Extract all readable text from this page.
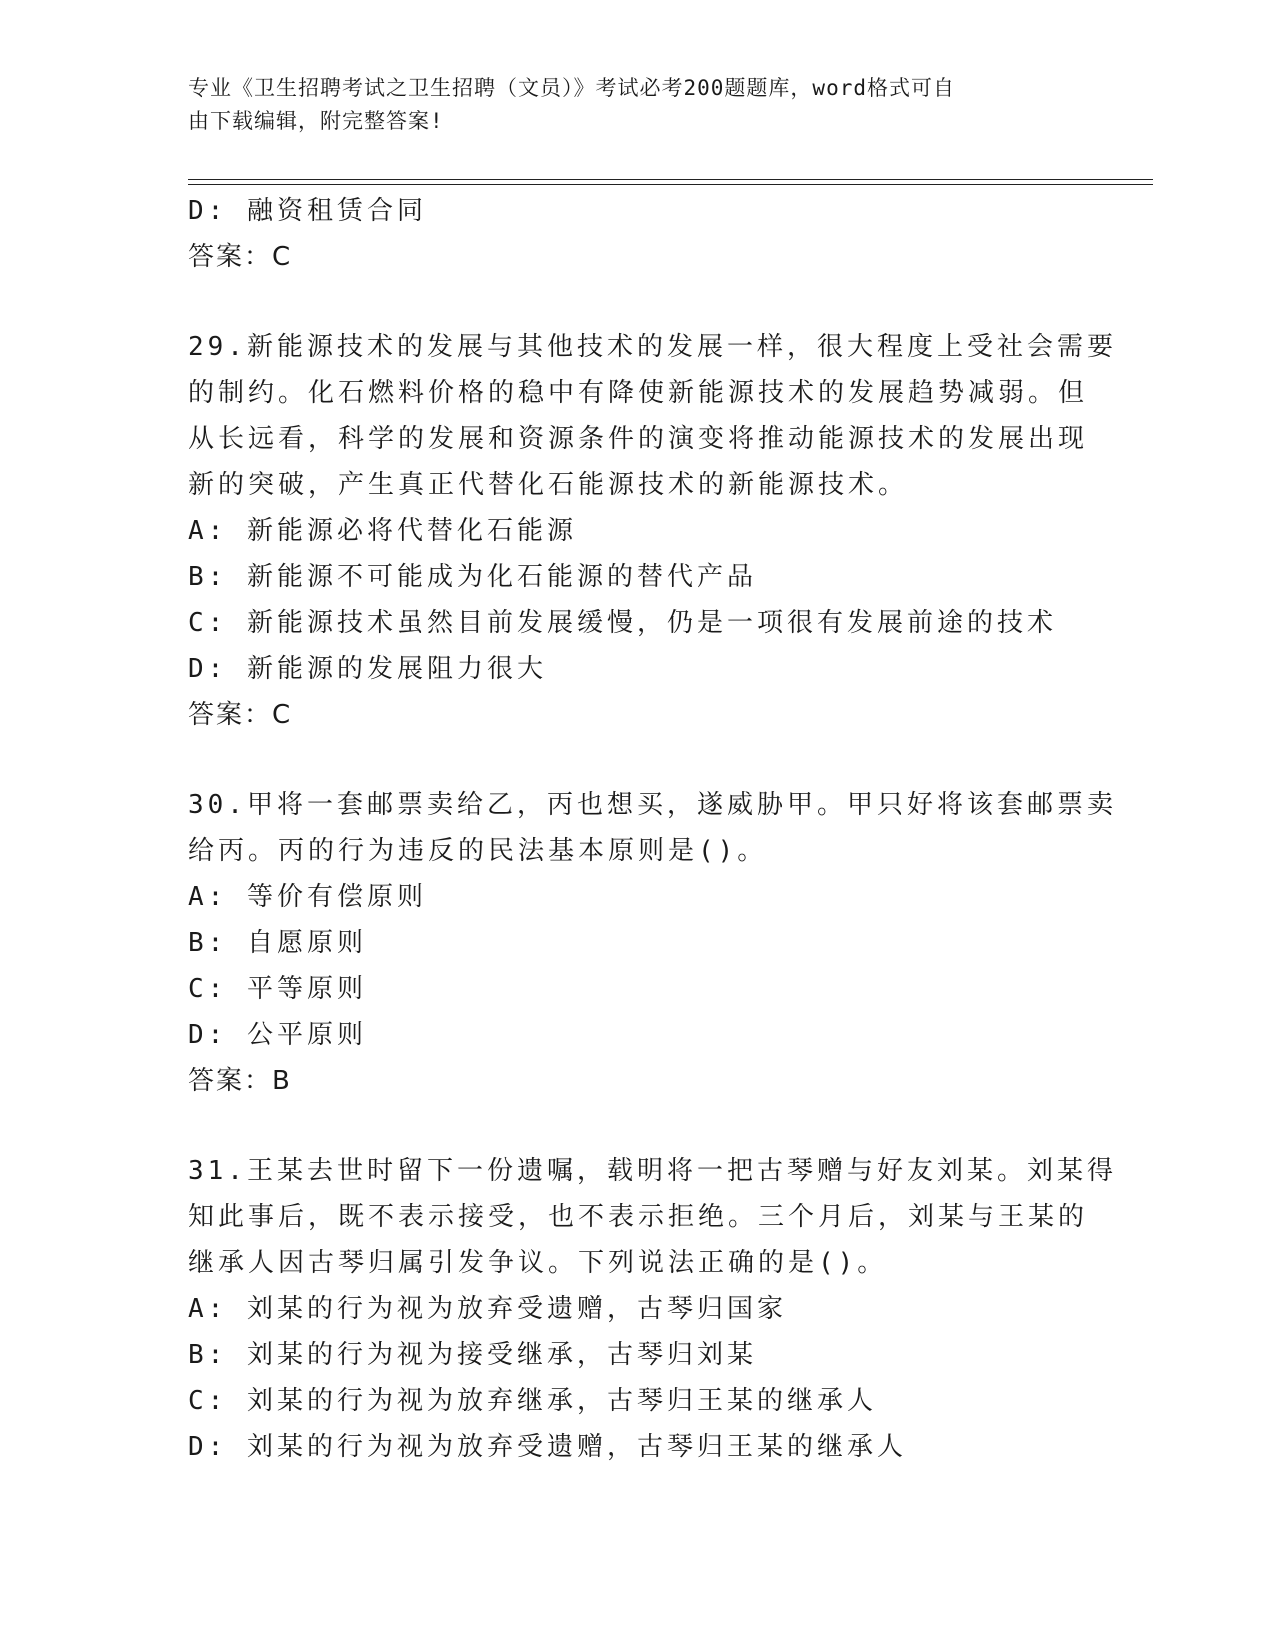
专业《卫生招聘考试之卫生招聘（文员）》考试必考200题题库，word格式可自
由下载编辑，附完整答案!
D: 融资租赁合同
答案：C
29.新能源技术的发展与其他技术的发展一样，很大程度上受社会需要
的制约。化石燃料价格的稳中有降使新能源技术的发展趋势减弱。但
从长远看，科学的发展和资源条件的演变将推动能源技术的发展出现
新的突破，产生真正代替化石能源技术的新能源技术。
A: 新能源必将代替化石能源
B: 新能源不可能成为化石能源的替代产品
C: 新能源技术虽然目前发展缓慢，仍是一项很有发展前途的技术
D: 新能源的发展阻力很大
答案：C
30.甲将一套邮票卖给乙，丙也想买，遂威胁甲。甲只好将该套邮票卖
给丙。丙的行为违反的民法基本原则是()。
A: 等价有偿原则
B: 自愿原则
C: 平等原则
D: 公平原则
答案：B
31.王某去世时留下一份遗嘱，载明将一把古琴赠与好友刘某。刘某得
知此事后，既不表示接受，也不表示拒绝。三个月后，刘某与王某的
继承人因古琴归属引发争议。下列说法正确的是()。
A: 刘某的行为视为放弃受遗赠，古琴归国家
B: 刘某的行为视为接受继承，古琴归刘某
C: 刘某的行为视为放弃继承，古琴归王某的继承人
D: 刘某的行为视为放弃受遗赠，古琴归王某的继承人
